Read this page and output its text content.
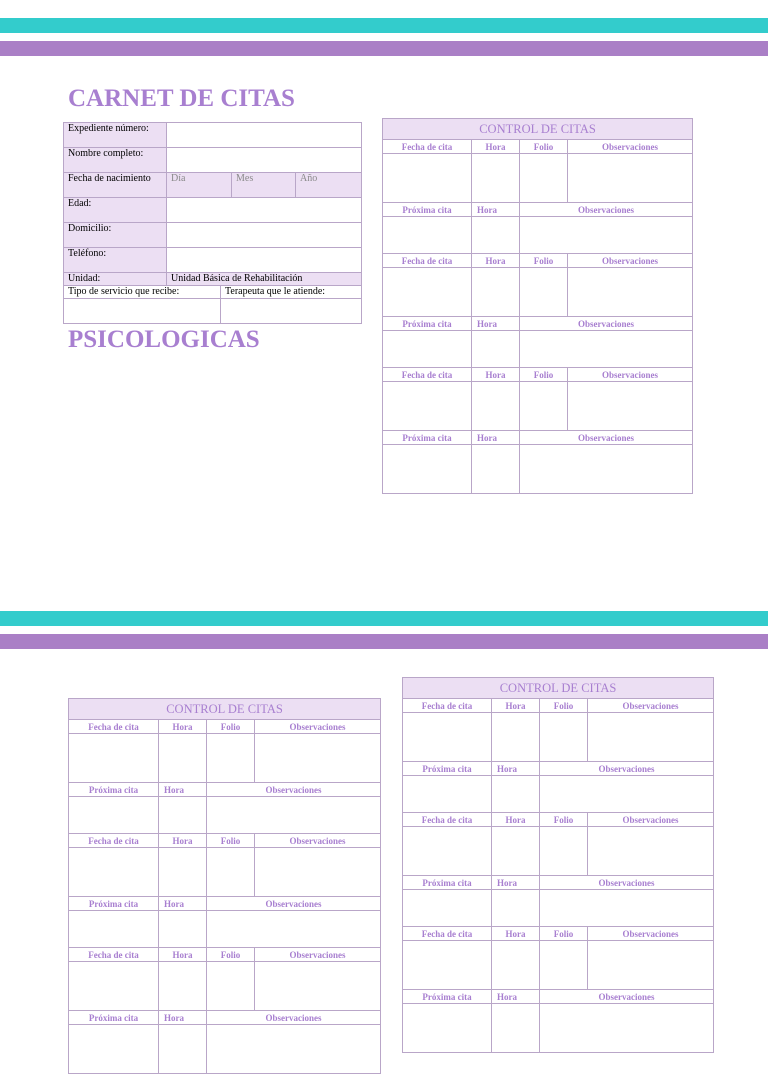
CARNET DE CITAS
PSICOLOGICAS
Expediente número:			
Nombre completo:			
Fecha de nacimiento	Día	Mes	Año
Edad:			
Domicilio:			
Teléfono:			
Unidad:	Unidad Básica de Rehabilitación		
Tipo de servicio que recibe:	Terapeuta que le atiende:

CONTROL DE CITAS			
Fecha de cita	Hora	Folio	Observaciones

Próxima cita	Hora	Observaciones	

Fecha de cita	Hora	Folio	Observaciones

Próxima cita	Hora	Observaciones	

Fecha de cita	Hora	Folio	Observaciones

Próxima cita	Hora	Observaciones	

CONTROL DE CITAS			
Fecha de cita	Hora	Folio	Observaciones

Próxima cita	Hora	Observaciones	

Fecha de cita	Hora	Folio	Observaciones

Próxima cita	Hora	Observaciones	

Fecha de cita	Hora	Folio	Observaciones

Próxima cita	Hora	Observaciones	

CONTROL DE CITAS			
Fecha de cita	Hora	Folio	Observaciones

Próxima cita	Hora	Observaciones	

Fecha de cita	Hora	Folio	Observaciones

Próxima cita	Hora	Observaciones	

Fecha de cita	Hora	Folio	Observaciones

Próxima cita	Hora	Observaciones	
